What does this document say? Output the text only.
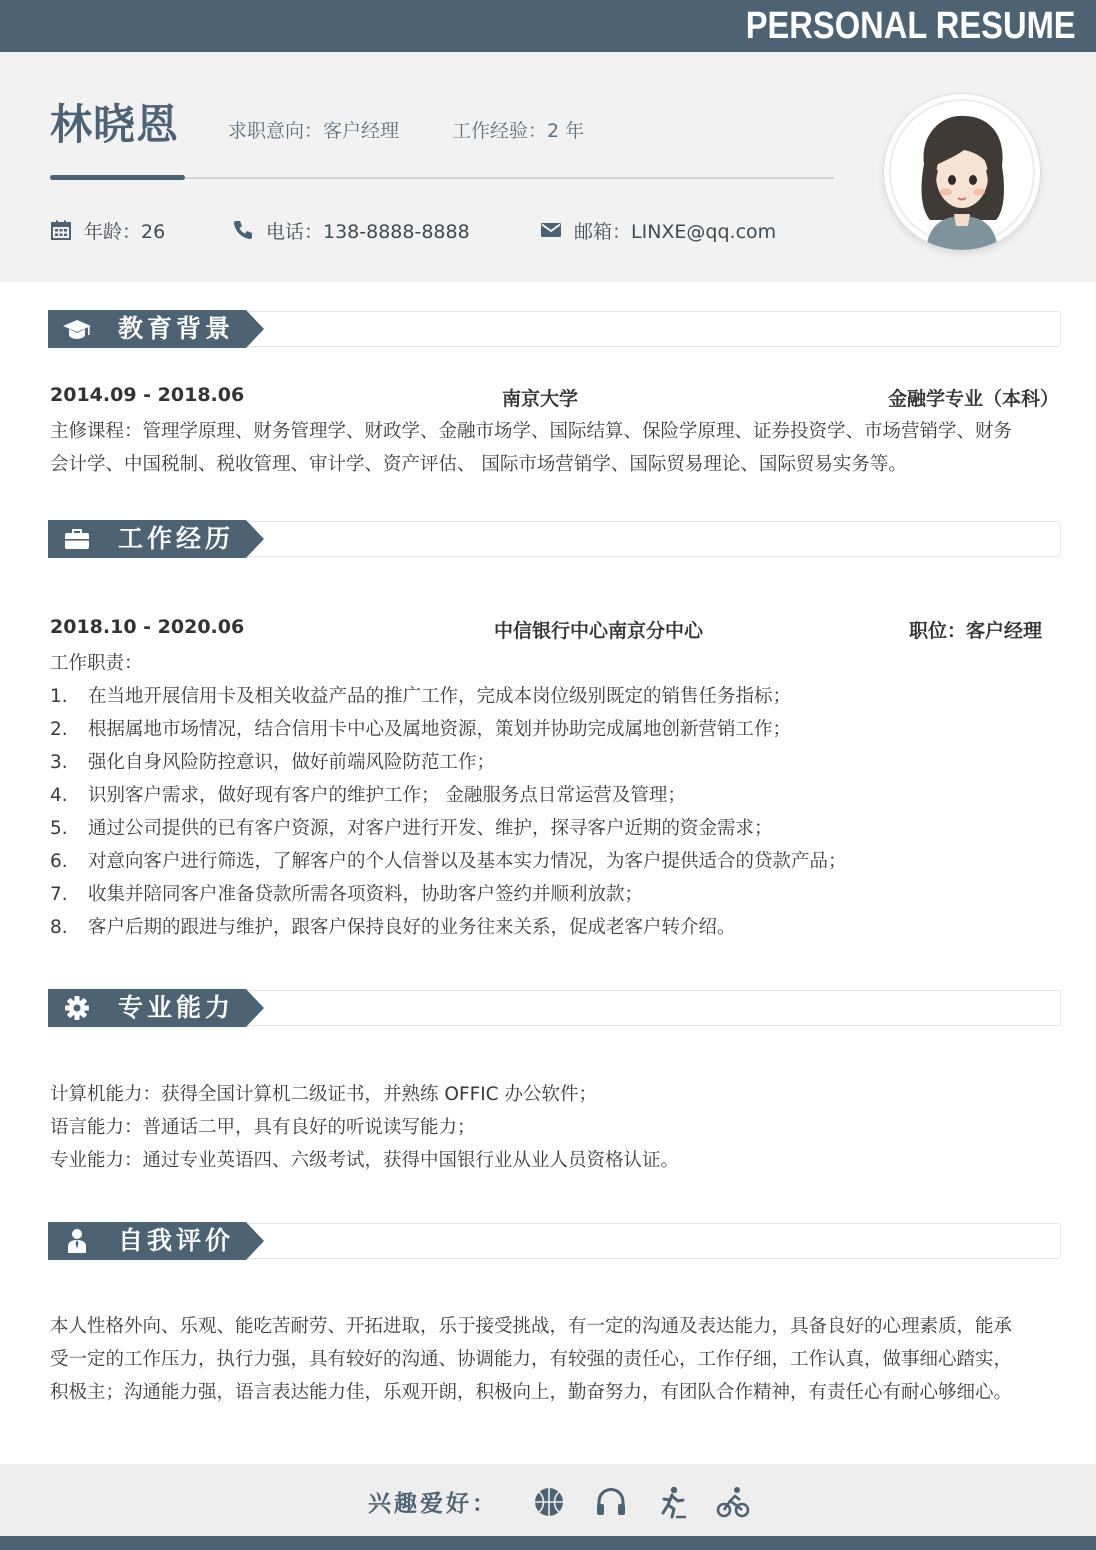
PERSONAL RESUME
林晓恩	求职意向：客户经理	工作经验：2 年
年龄：26	电话：138-8888-8888	邮箱：LINXE@qq.com
教育背景
2014.09 - 2018.06	南京大学	金融学专业（本科）
主修课程：管理学原理、财务管理学、财政学、金融市场学、国际结算、保险学原理、证券投资学、市场营销学、财务
会计学、中国税制、税收管理、审计学、资产评估、 国际市场营销学、国际贸易理论、国际贸易实务等。
工作经历
2018.10 - 2020.06	中信银行中心南京分中心	职位：客户经理
工作职责：
1. 在当地开展信用卡及相关收益产品的推广工作，完成本岗位级别既定的销售任务指标；
2. 根据属地市场情况，结合信用卡中心及属地资源，策划并协助完成属地创新营销工作；
3. 强化自身风险防控意识，做好前端风险防范工作；
4. 识别客户需求，做好现有客户的维护工作； 金融服务点日常运营及管理；
5. 通过公司提供的已有客户资源，对客户进行开发、维护，探寻客户近期的资金需求；
6. 对意向客户进行筛选，了解客户的个人信誉以及基本实力情况，为客户提供适合的贷款产品；
7. 收集并陪同客户准备贷款所需各项资料，协助客户签约并顺利放款；
8. 客户后期的跟进与维护，跟客户保持良好的业务往来关系，促成老客户转介绍。
专业能力
计算机能力：获得全国计算机二级证书，并熟练 OFFIC 办公软件；
语言能力：普通话二甲，具有良好的听说读写能力；
专业能力：通过专业英语四、六级考试，获得中国银行业从业人员资格认证。
自我评价
本人性格外向、乐观、能吃苦耐劳、开拓进取，乐于接受挑战，有一定的沟通及表达能力，具备良好的心理素质，能承
受一定的工作压力，执行力强，具有较好的沟通、协调能力，有较强的责任心，工作仔细，工作认真，做事细心踏实，
积极主；沟通能力强，语言表达能力佳，乐观开朗，积极向上，勤奋努力，有团队合作精神，有责任心有耐心够细心。
兴趣爱好：
